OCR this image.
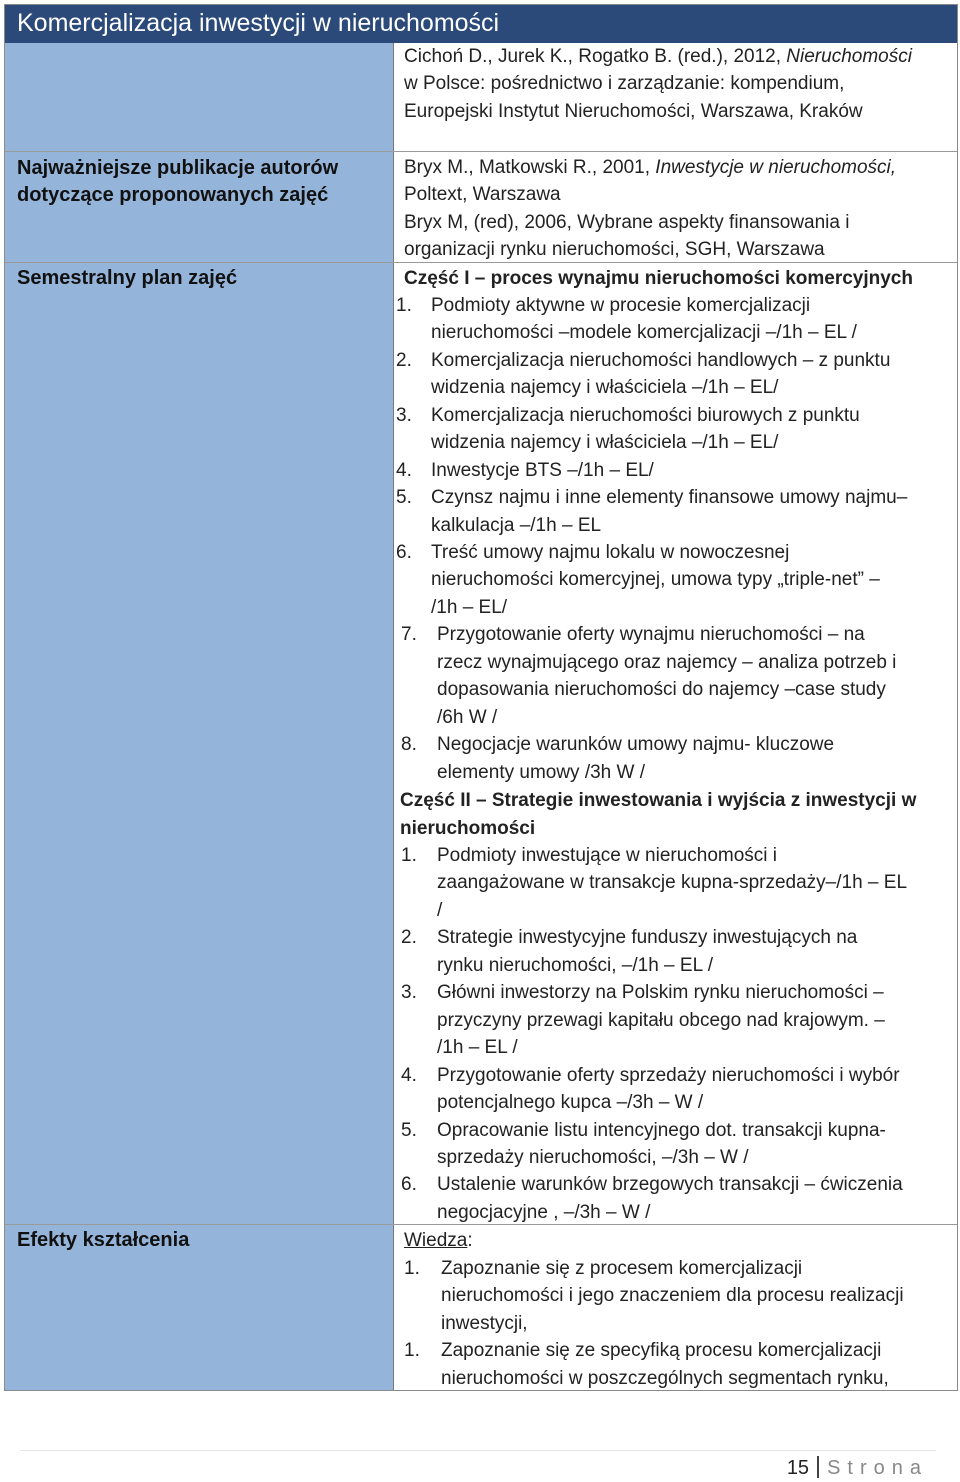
Komercjalizacja inwestycji w nieruchomości
Cichoń D., Jurek K., Rogatko B. (red.), 2012, Nieruchomości
w Polsce: pośrednictwo i zarządzanie: kompendium,
Europejski Instytut Nieruchomości, Warszawa, Kraków
Najważniejsze publikacje autorów
dotyczące proponowanych zajęć
Bryx M., Matkowski R., 2001, Inwestycje w nieruchomości,
Poltext, Warszawa
Bryx M, (red), 2006, Wybrane aspekty finansowania i
organizacji rynku nieruchomości, SGH, Warszawa
Semestralny plan zajęć	Część I – proces wynajmu nieruchomości komercyjnych
1. Podmioty aktywne w procesie komercjalizacji
nieruchomości –modele komercjalizacji –/1h – EL /
2. Komercjalizacja nieruchomości handlowych – z punktu
widzenia najemcy i właściciela –/1h – EL/
3. Komercjalizacja nieruchomości biurowych z punktu
widzenia najemcy i właściciela –/1h – EL/
4. Inwestycje BTS –/1h – EL/
5. Czynsz najmu i inne elementy finansowe umowy najmu–
kalkulacja –/1h – EL
6. Treść umowy najmu lokalu w nowoczesnej
nieruchomości komercyjnej, umowa typy „triple-net” –
/1h – EL/
7. Przygotowanie oferty wynajmu nieruchomości – na
rzecz wynajmującego oraz najemcy – analiza potrzeb i
dopasowania nieruchomości do najemcy –case study
/6h W /
8. Negocjacje warunków umowy najmu- kluczowe
elementy umowy /3h W /
Część II – Strategie inwestowania i wyjścia z inwestycji w
nieruchomości
1. Podmioty inwestujące w nieruchomości i
zaangażowane w transakcje kupna-sprzedaży–/1h – EL
/
2. Strategie inwestycyjne funduszy inwestujących na
rynku nieruchomości, –/1h – EL /
3. Główni inwestorzy na Polskim rynku nieruchomości –
przyczyny przewagi kapitału obcego nad krajowym. –
/1h – EL /
4. Przygotowanie oferty sprzedaży nieruchomości i wybór
potencjalnego kupca –/3h – W /
5. Opracowanie listu intencyjnego dot. transakcji kupna-
sprzedaży nieruchomości, –/3h – W /
6. Ustalenie warunków brzegowych transakcji – ćwiczenia
negocjacyjne , –/3h – W /
Efekty kształcenia	Wiedza:
1. Zapoznanie się z procesem komercjalizacji
nieruchomości i jego znaczeniem dla procesu realizacji
inwestycji,
1. Zapoznanie się ze specyfiką procesu komercjalizacji
nieruchomości w poszczególnych segmentach rynku,
15 Strona
